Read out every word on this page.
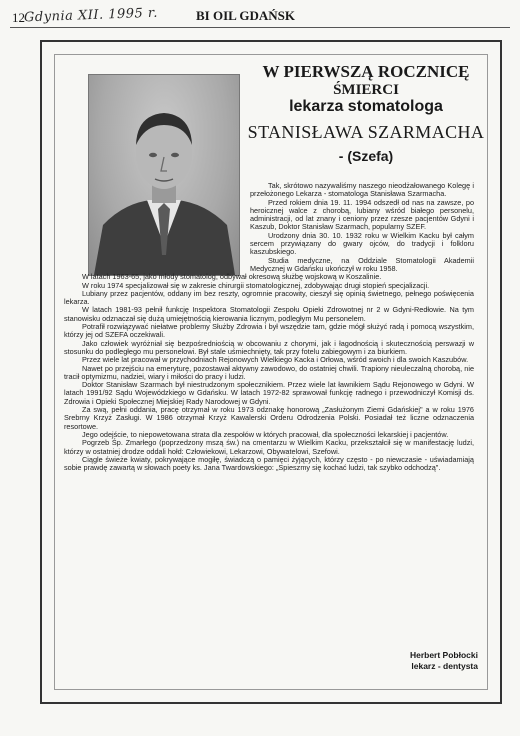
12
Gdynia XII. 1995 r.	BI OIL GDAŃSK
W PIERWSZĄ ROCZNICĘ
ŚMIERCI
lekarza stomatologa
STANISŁAWA SZARMACHA
- (Szefa)

Tak, skrótowo nazywaliśmy naszego nieodżałowanego Kolegę i przełożonego Lekarza - stomatologa Stanisława Szarmacha.

Przed rokiem dnia 19. 11. 1994 odszedł od nas na zawsze, po heroicznej walce z chorobą, lubiany wśród białego personelu, administracji, od lat znany i ceniony przez rzesze pacjentów Gdyni i Kaszub, Doktor Stanisław Szarmach, popularny SZEF.

Urodzony dnia 30. 10. 1932 roku w Wielkim Kacku był całym sercem przywiązany do gwary ojców, do tradycji i folkloru kaszubskiego.

Studia medyczne, na Oddziale Stomatologii Akademii Medycznej w Gdańsku ukończył w roku 1958.

W latach 1963-65, jako młody stomatolog, odbywał okresową służbę wojskową w Koszalinie.

W roku 1974 specjalizował się w zakresie chirurgii stomatologicznej, zdobywając drugi stopień specjalizacji.

Lubiany przez pacjentów, oddany im bez reszty, ogromnie pracowity, cieszył się opinią świetnego, pełnego poświęcenia lekarza.

W latach 1981-93 pełnił funkcję Inspektora Stomatologii Zespołu Opieki Zdrowotnej nr 2 w Gdyni-Redłowie. Na tym stanowisku odznaczał się dużą umiejętnością kierowania licznym, podległym Mu personelem.

Potrafił rozwiązywać niełatwe problemy Służby Zdrowia i był wszędzie tam, gdzie mógł służyć radą i pomocą wszystkim, którzy jej od SZEFA oczekiwali.

Jako człowiek wyróżniał się bezpośredniością w obcowaniu z chorymi, jak i łagodnością i skutecznością perswazji w stosunku do podległego mu personelowi. Był stale uśmiechnięty, tak przy fotelu zabiegowym i za biurkiem.

Przez wiele lat pracował w przychodniach Rejonowych Wielkiego Kacka i Orłowa, wśród swoich i dla swoich Kaszubów.

Nawet po przejściu na emeryturę, pozostawał aktywny zawodowo, do ostatniej chwili. Trapiony nieuleczalną chorobą, nie tracił optymizmu, nadziei, wiary i miłości do pracy i ludzi.

Doktor Stanisław Szarmach był niestrudzonym społecznikiem. Przez wiele lat ławnikiem Sądu Rejonowego w Gdyni. W latach 1991/92 Sądu Wojewódzkiego w Gdańsku. W latach 1972-82 sprawował funkcję radnego i przewodniczył Komisji ds. Zdrowia i Opieki Społecznej Miejskiej Rady Narodowej w Gdyni.

Za swą, pełni oddania, pracę otrzymał w roku 1973 odznakę honorową „Zasłużonym Ziemi Gdańskiej" a w roku 1976 Srebrny Krzyż Zasługi. W 1986 otrzymał Krzyż Kawalerski Orderu Odrodzenia Polski. Posiadał też liczne odznaczenia resortowe.

Jego odejście, to niepowetowana strata dla zespołów w których pracował, dla społeczności lekarskiej i pacjentów.

Pogrzeb Śp. Zmarłego (poprzedzony mszą św.) na cmentarzu w Wielkim Kacku, przekształcił się w manifestację ludzi, którzy w ostatniej drodze oddali hołd: Człowiekowi, Lekarzowi, Obywatelowi, Szefowi.

Ciągle świeże kwiaty, pokrywające mogiłę, świadczą o pamięci żyjących, którzy często - po niewczasie - uświadamiają sobie prawdę zawartą w słowach poety ks. Jana Twardowskiego: „Spieszmy się kochać ludzi, tak szybko odchodzą".

Herbert Pobłocki
lekarz - dentysta
